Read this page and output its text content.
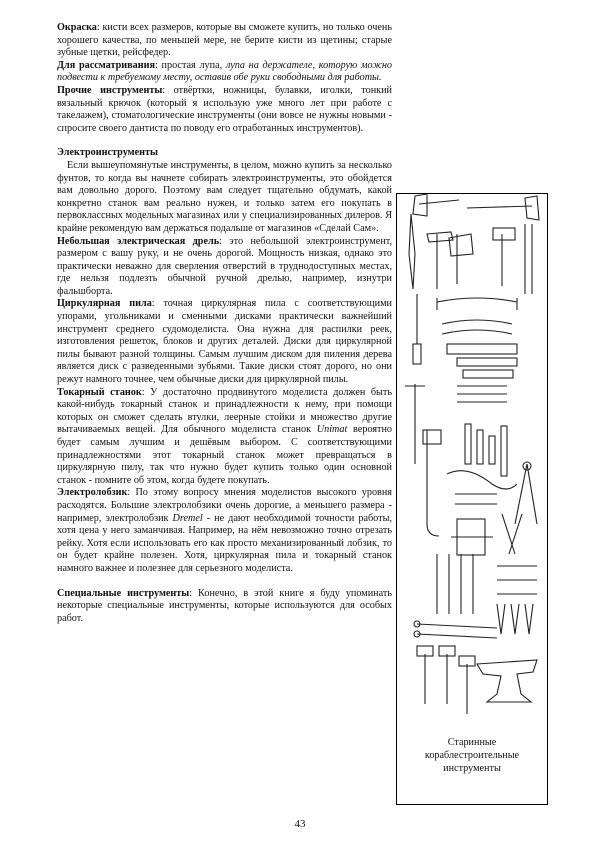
Окраска: кисти всех размеров, которые вы сможете купить, но только очень хорошего качества, по меньшей мере, не берите кисти из щетины; старые зубные щетки, рейсфедер.

Для рассматривания: простая лупа, лупа на держателе, которую можно подвести к требуемому месту, оставив обе руки свободными для работы.

Прочие инструменты: отвёртки, ножницы, булавки, иголки, тонкий вязальный крючок (который я использую уже много лет при работе с такелажем), стоматологические инструменты (они вовсе не нужны новыми - спросите своего дантиста по поводу его отработанных инструментов).

Электроинструменты

Если вышеупомянутые инструменты, в целом, можно купить за несколько фунтов, то когда вы начнете собирать электроинструменты, это обойдется вам довольно дорого. Поэтому вам следует тщательно обдумать, какой конкретно станок вам реально нужен, и только затем его покупать в первоклассных модельных магазинах или у специализированных дилеров. Я крайне рекомендую вам держаться подальше от магазинов «Сделай Сам».

Небольшая электрическая дрель: это небольшой электроинструмент, размером с вашу руку, и не очень дорогой. Мощность низкая, однако это практически неважно для сверления отверстий в труднодоступных местах, где нельзя подлезть обычной ручной дрелью, например, изнутри фальшборта.

Циркулярная пила: точная циркулярная пила с соответствующими упорами, угольниками и сменными дисками практически важнейший инструмент среднего судомоделиста. Она нужна для распилки реек, изготовления решеток, блоков и других деталей. Диски для циркулярной пилы бывают разной толщины. Самым лучшим диском для пиления дерева является диск с разведенными зубьями. Такие диски стоят дорого, но они режут намного точнее, чем обычные диски для циркулярной пилы.

Токарный станок: У достаточно продвинутого моделиста должен быть какой-нибудь токарный станок и принадлежности к нему, при помощи которых он сможет сделать втулки, леерные стойки и множество другие вытачиваемых вещей. Для обычного моделиста станок Unimat вероятно будет самым лучшим и дешёвым выбором. С соответствующими принадлежностями этот токарный станок может превращаться в циркулярную пилу, так что нужно будет купить только один основной станок - помните об этом, когда будете покупать.

Электролобзик: По этому вопросу мнения моделистов высокого уровня расходятся. Большие электролобзики очень дорогие, а меньшего размера - например, электролобзик Dremel - не дают необходимой точности работы, хотя цена у него заманчивая. Например, на нём невозможно точно отрезать рейку. Хотя если использовать его как просто механизированный лобзик, то он будет крайне полезен. Хотя, циркулярная пила и токарный станок намного важнее и полезнее для серьезного моделиста.

Специальные инструменты: Конечно, в этой книге я буду упоминать некоторые специальные инструменты, которые используются для особых работ.

Старинные кораблестроительные инструменты
43
